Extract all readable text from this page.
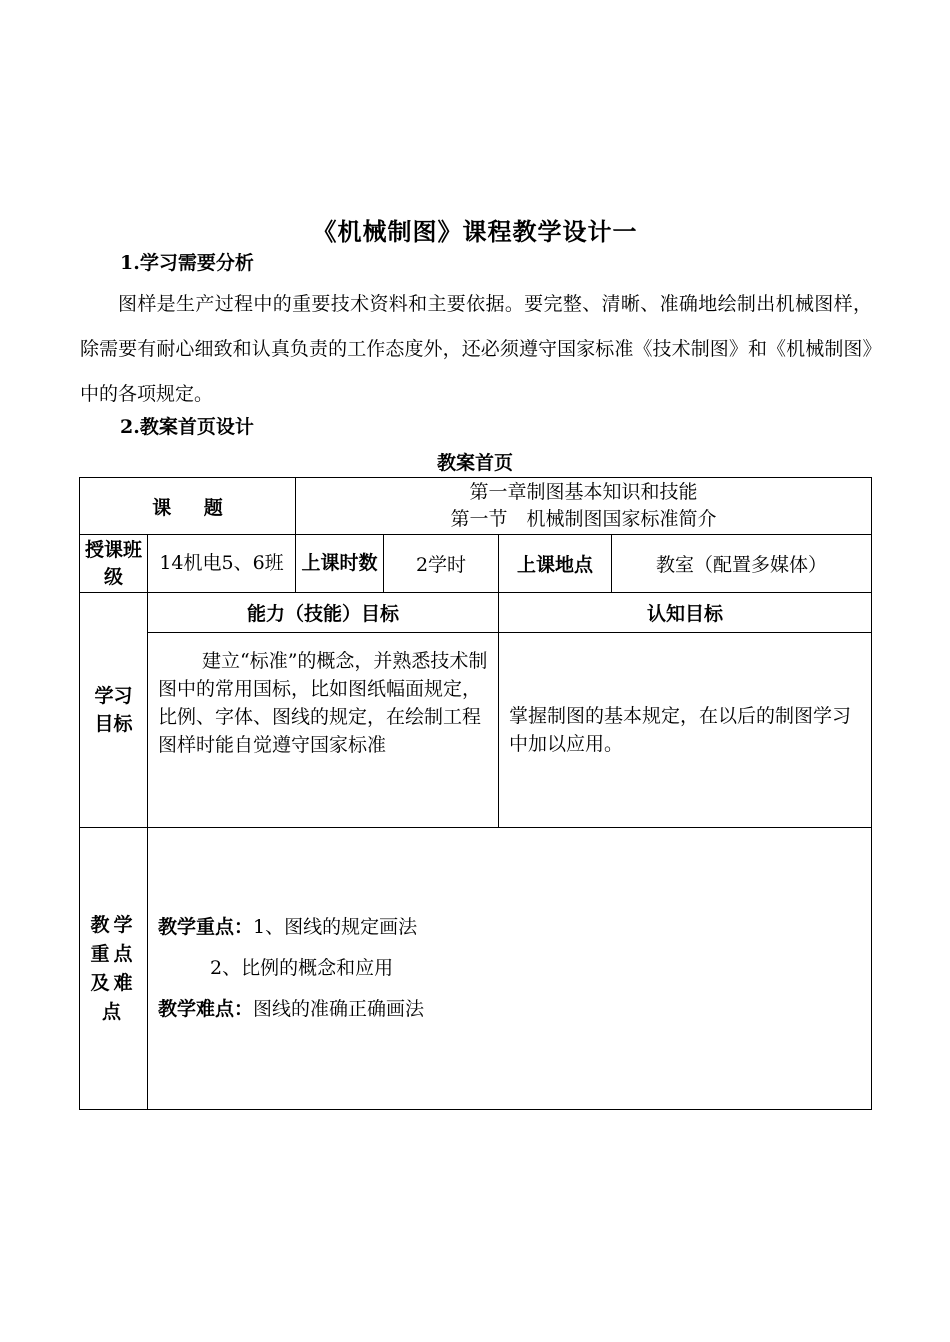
《机械制图》课程教学设计一
1.学习需要分析
图样是生产过程中的重要技术资料和主要依据。要完整、清晰、准确地绘制出机械图样，除需要有耐心细致和认真负责的工作态度外，还必须遵守国家标准《技术制图》和《机械制图》中的各项规定。
2.教案首页设计
教案首页
课 题		第一章制图基本知识和技能
第一节　机械制图国家标准简介			

授课班级	14机电5、6班	上课时数	2学时	上课地点	教室（配置多媒体）

学习目标	能力（技能）目标			认知目标	

	建立“标准”的概念，并熟悉技术制图中的常用国标，比如图纸幅面规定，比例、字体、图线的规定，在绘制工程图样时能自觉遵守国家标准			掌握制图的基本规定，在以后的制图学习中加以应用。	

教学重点及难点	教学重点：1、图线的规定画法
2、比例的概念和应用
教学难点：图线的准确正确画法				
